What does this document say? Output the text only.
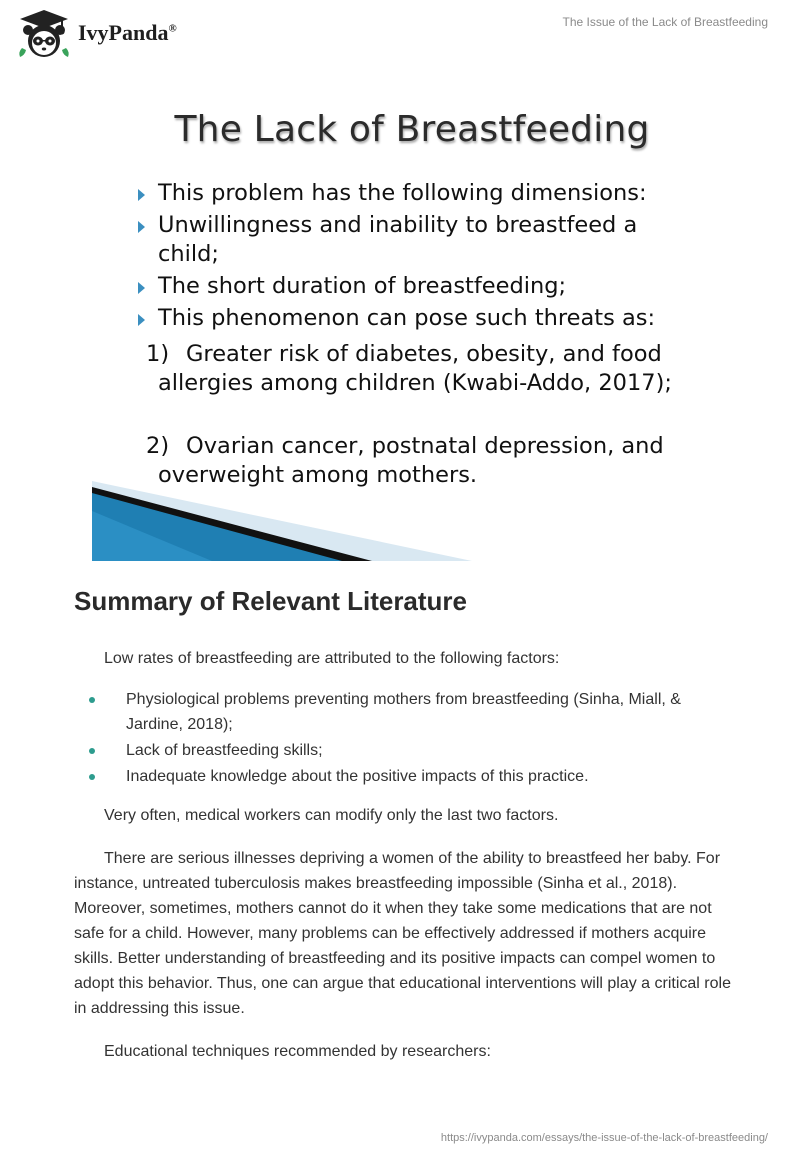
IvyPanda®	The Issue of the Lack of Breastfeeding
The Lack of Breastfeeding
This problem has the following dimensions:
Unwillingness and inability to breastfeed a child;
The short duration of breastfeeding;
This phenomenon can pose such threats as:
1) Greater risk of diabetes, obesity, and food allergies among children (Kwabi-Addo, 2017);
2) Ovarian cancer, postnatal depression, and overweight among mothers.
Summary of Relevant Literature

Low rates of breastfeeding are attributed to the following factors:

Physiological problems preventing mothers from breastfeeding (Sinha, Miall, & Jardine, 2018);
Lack of breastfeeding skills;
Inadequate knowledge about the positive impacts of this practice.

Very often, medical workers can modify only the last two factors.

There are serious illnesses depriving a women of the ability to breastfeed her baby. For instance, untreated tuberculosis makes breastfeeding impossible (Sinha et al., 2018). Moreover, sometimes, mothers cannot do it when they take some medications that are not safe for a child. However, many problems can be effectively addressed if mothers acquire skills. Better understanding of breastfeeding and its positive impacts can compel women to adopt this behavior. Thus, one can argue that educational interventions will play a critical role in addressing this issue.

Educational techniques recommended by researchers:

https://ivypanda.com/essays/the-issue-of-the-lack-of-breastfeeding/
